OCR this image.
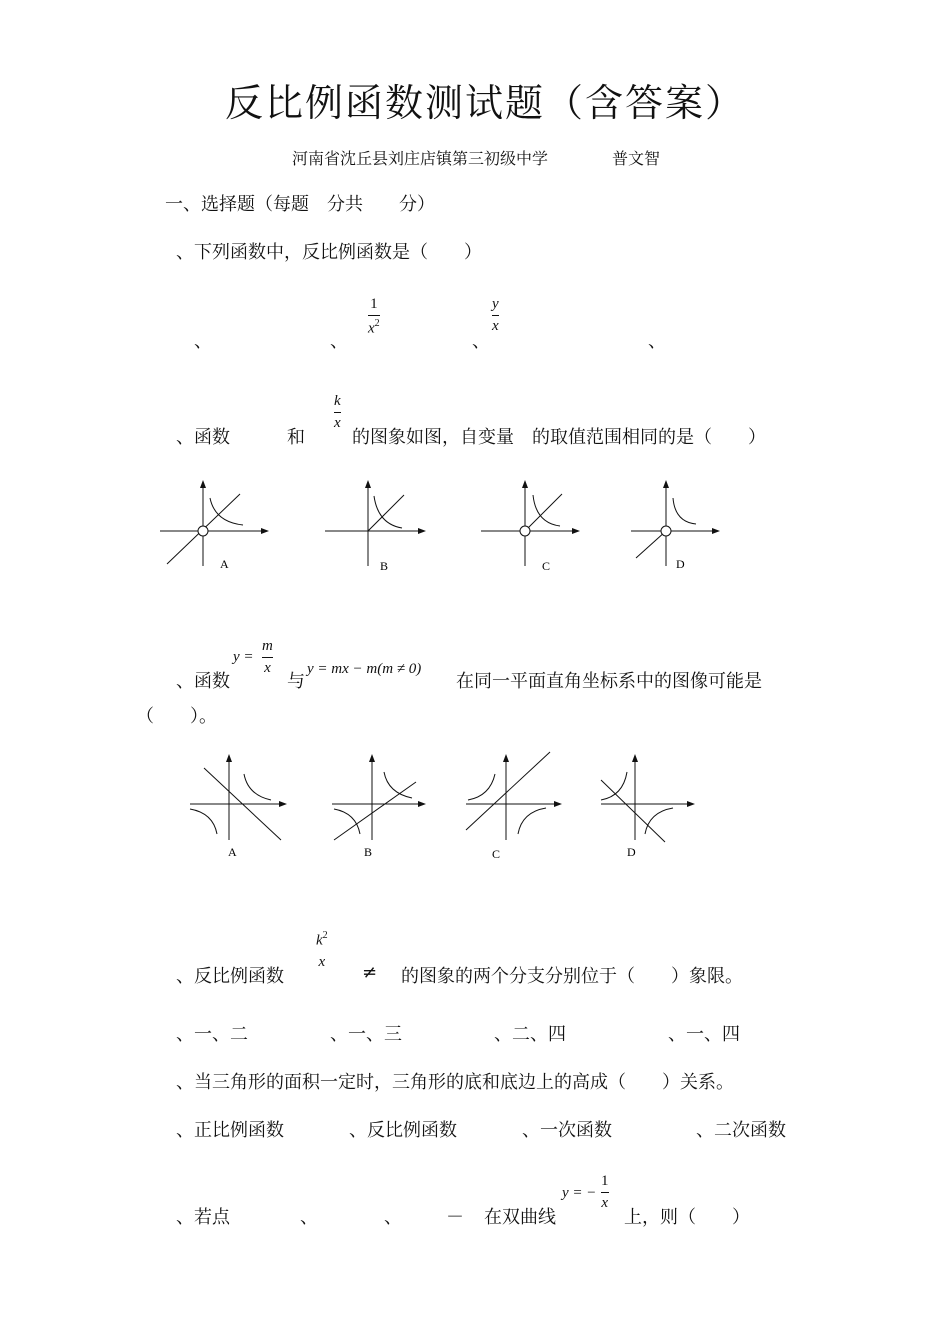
反比例函数测试题（含答案）
河南省沈丘县刘庄店镇第三初级中学	普文智
一、选择题（每题　分共　　分）
、下列函数中，反比例函数是（　　）
、	、
1
$x^2$
、
y
x
、
、函数	和
k
x
的图象如图，自变量　的取值范围相同的是（　　）
A	B	C	D
、函数
y =
m
x
与
y = mx − m(m ≠ 0)
在同一平面直角坐标系中的图像可能是
（　　）。
A	B	C	D
、反比例函数
$k^2$
x
≠ 的图象的两个分支分别位于（　　）象限。
、一、二	、一、三	、二、四	、一、四
、当三角形的面积一定时，三角形的底和底边上的高成（　　）关系。
、正比例函数	、反比例函数	、一次函数	、二次函数
、若点	、	、 － 在双曲线
y = −
1
x
上，则（　　）
